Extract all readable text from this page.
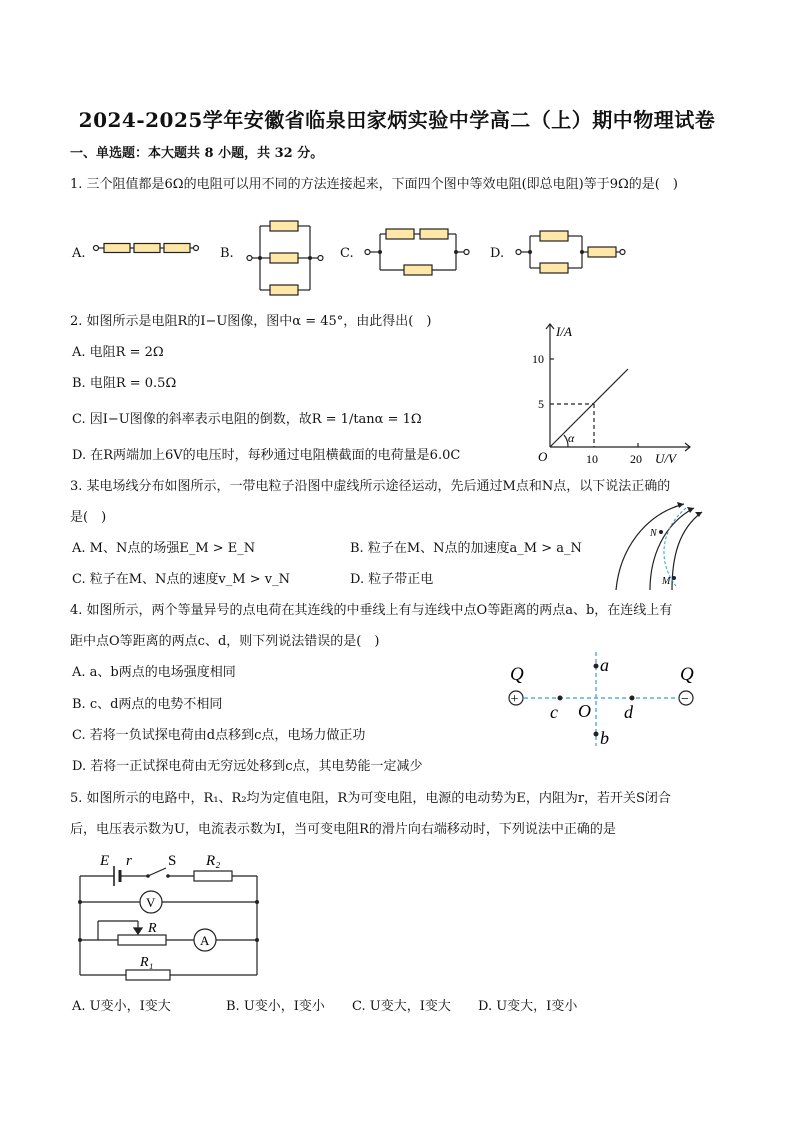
2024-2025学年安徽省临泉田家炳实验中学高二（上）期中物理试卷
一、单选题：本大题共 8 小题，共 32 分。
1. 三个阻值都是6Ω的电阻可以用不同的方法连接起来，下面四个图中等效电阻(即总电阻)等于9Ω的是(　)
A.	B.	C.	D.
2. 如图所示是电阻R的I−U图像，图中α = 45°，由此得出(　)
A. 电阻R = 2Ω
B. 电阻R = 0.5Ω
C. 因I−U图像的斜率表示电阻的倒数，故R = 1/tanα = 1Ω
D. 在R两端加上6V的电压时，每秒通过电阻横截面的电荷量是6.0C
I/A
U/V
O
10
5
10	20
α
3. 某电场线分布如图所示，一带电粒子沿图中虚线所示途径运动，先后通过M点和N点，以下说法正确的
是(　)
A. M、N点的场强E_M > E_N	B. 粒子在M、N点的加速度a_M > a_N
C. 粒子在M、N点的速度v_M > v_N	D. 粒子带正电
N
M
4. 如图所示，两个等量异号的点电荷在其连线的中垂线上有与连线中点O等距离的两点a、b，在连线上有
距中点O等距离的两点c、d，则下列说法错误的是(　)
A. a、b两点的电场强度相同
B. c、d两点的电势不相同
C. 若将一负试探电荷由d点移到c点，电场力做正功
D. 若将一正试探电荷由无穷远处移到c点，其电势能一定减少
+	−
Q	Q
a
b
c	d
O
5. 如图所示的电路中，R₁、R₂均为定值电阻，R为可变电阻，电源的电动势为E，内阻为r，若开关S闭合
后，电压表示数为U，电流表示数为I，当可变电阻R的滑片向右端移动时，下列说法中正确的是
E r S R₂
V
R
A
R₁
A. U变小，I变大	B. U变小，I变小 C. U变大，I变大 D. U变大，I变小
